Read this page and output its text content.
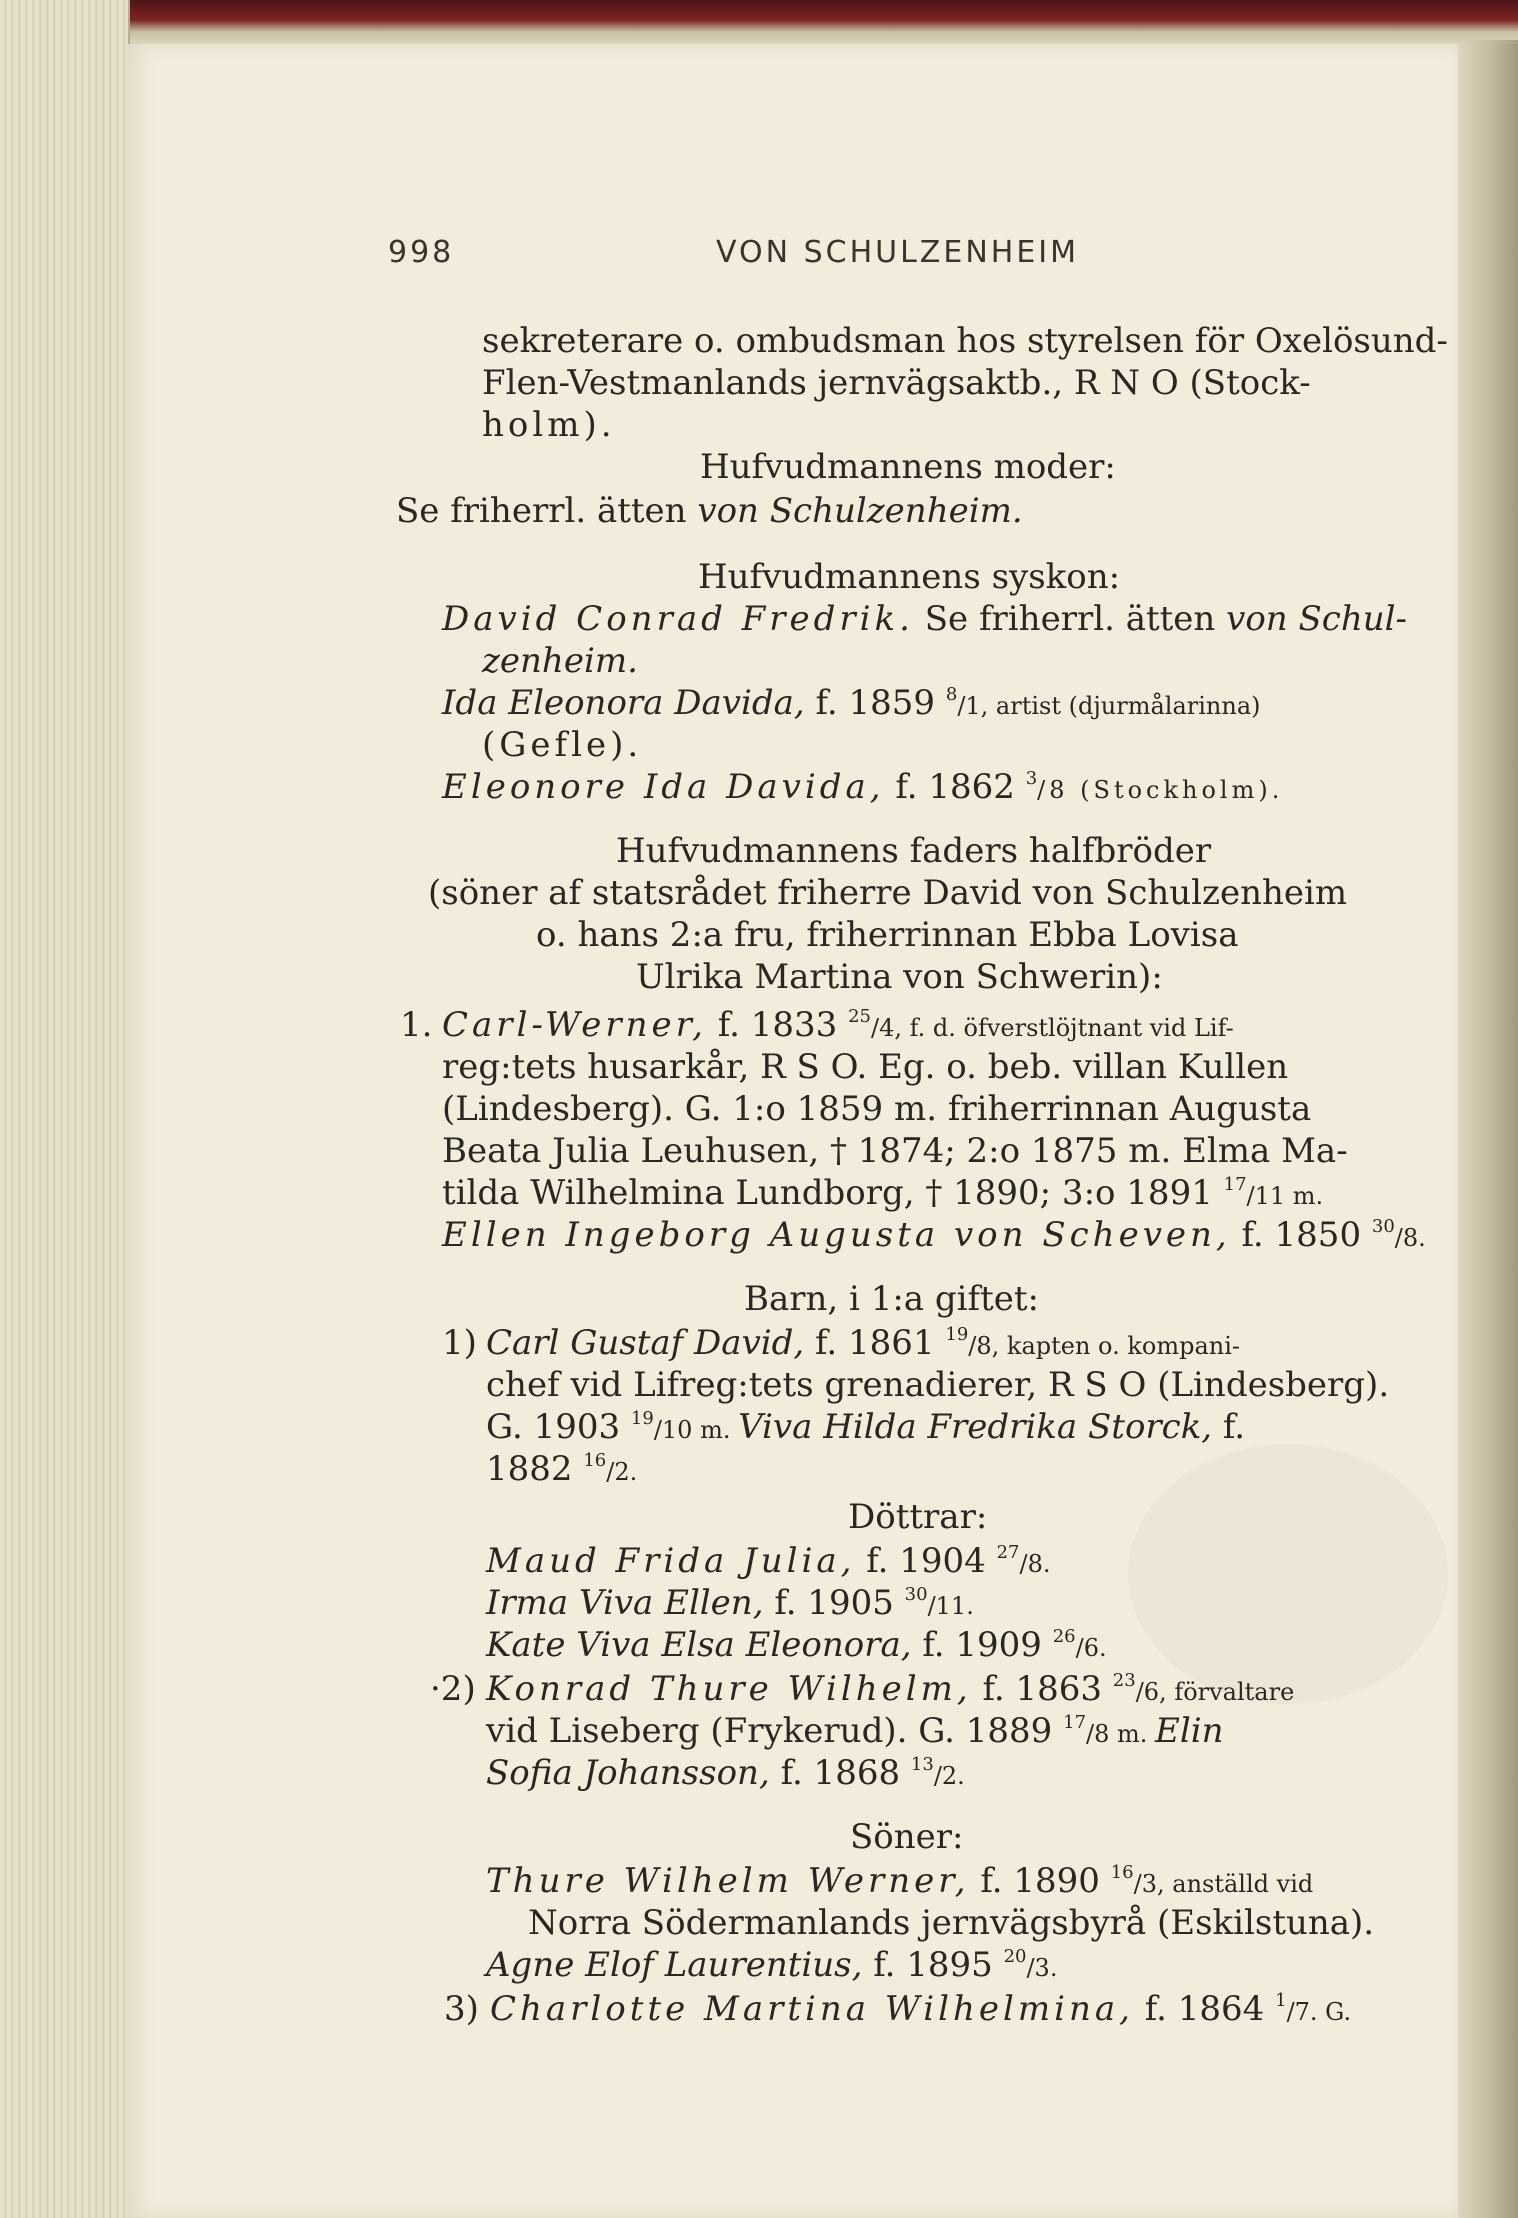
998	VON SCHULZENHEIM
sekreterare o. ombudsman hos styrelsen för Oxelösund-
Flen-Vestmanlands jernvägsaktb., R N O (Stock-
holm).
Hufvudmannens moder:
Se friherrl. ätten von Schulzenheim.
Hufvudmannens syskon:
David Conrad Fredrik. Se friherrl. ätten von Schul-
zenheim.
Ida Eleonora Davida, f. 1859 $^8$/1, artist (djurmålarinna)
(Gefle).
Eleonore Ida Davida, f. 1862 $^3$/8 (Stockholm).
Hufvudmannens faders halfbröder
(söner af statsrådet friherre David von Schulzenheim
o. hans 2:a fru, friherrinnan Ebba Lovisa
Ulrika Martina von Schwerin):
1. Carl-Werner, f. 1833 $^{25}$/4, f. d. öfverstlöjtnant vid Lif-
reg:tets husarkår, R S O. Eg. o. beb. villan Kullen
(Lindesberg). G. 1:o 1859 m. friherrinnan Augusta
Beata Julia Leuhusen, † 1874; 2:o 1875 m. Elma Ma-
tilda Wilhelmina Lundborg, † 1890; 3:o 1891 $^{17}$/11 m.
Ellen Ingeborg Augusta von Scheven, f. 1850 $^{30}$/8.
Barn, i 1:a giftet:
1) Carl Gustaf David, f. 1861 $^{19}$/8, kapten o. kompani-
chef vid Lifreg:tets grenadierer, R S O (Lindesberg).
G. 1903 $^{19}$/10 m. Viva Hilda Fredrika Storck, f.
1882 $^{16}$/2.
Döttrar:
Maud Frida Julia, f. 1904 $^{27}$/8.
Irma Viva Ellen, f. 1905 $^{30}$/11.
Kate Viva Elsa Eleonora, f. 1909 $^{26}$/6.
·2) Konrad Thure Wilhelm, f. 1863 $^{23}$/6, förvaltare
vid Liseberg (Frykerud). G. 1889 $^{17}$/8 m. Elin
Sofia Johansson, f. 1868 $^{13}$/2.
Söner:
Thure Wilhelm Werner, f. 1890 $^{16}$/3, anställd vid
Norra Södermanlands jernvägsbyrå (Eskilstuna).
Agne Elof Laurentius, f. 1895 $^{20}$/3.
3) Charlotte Martina Wilhelmina, f. 1864 $^1$/7. G.
